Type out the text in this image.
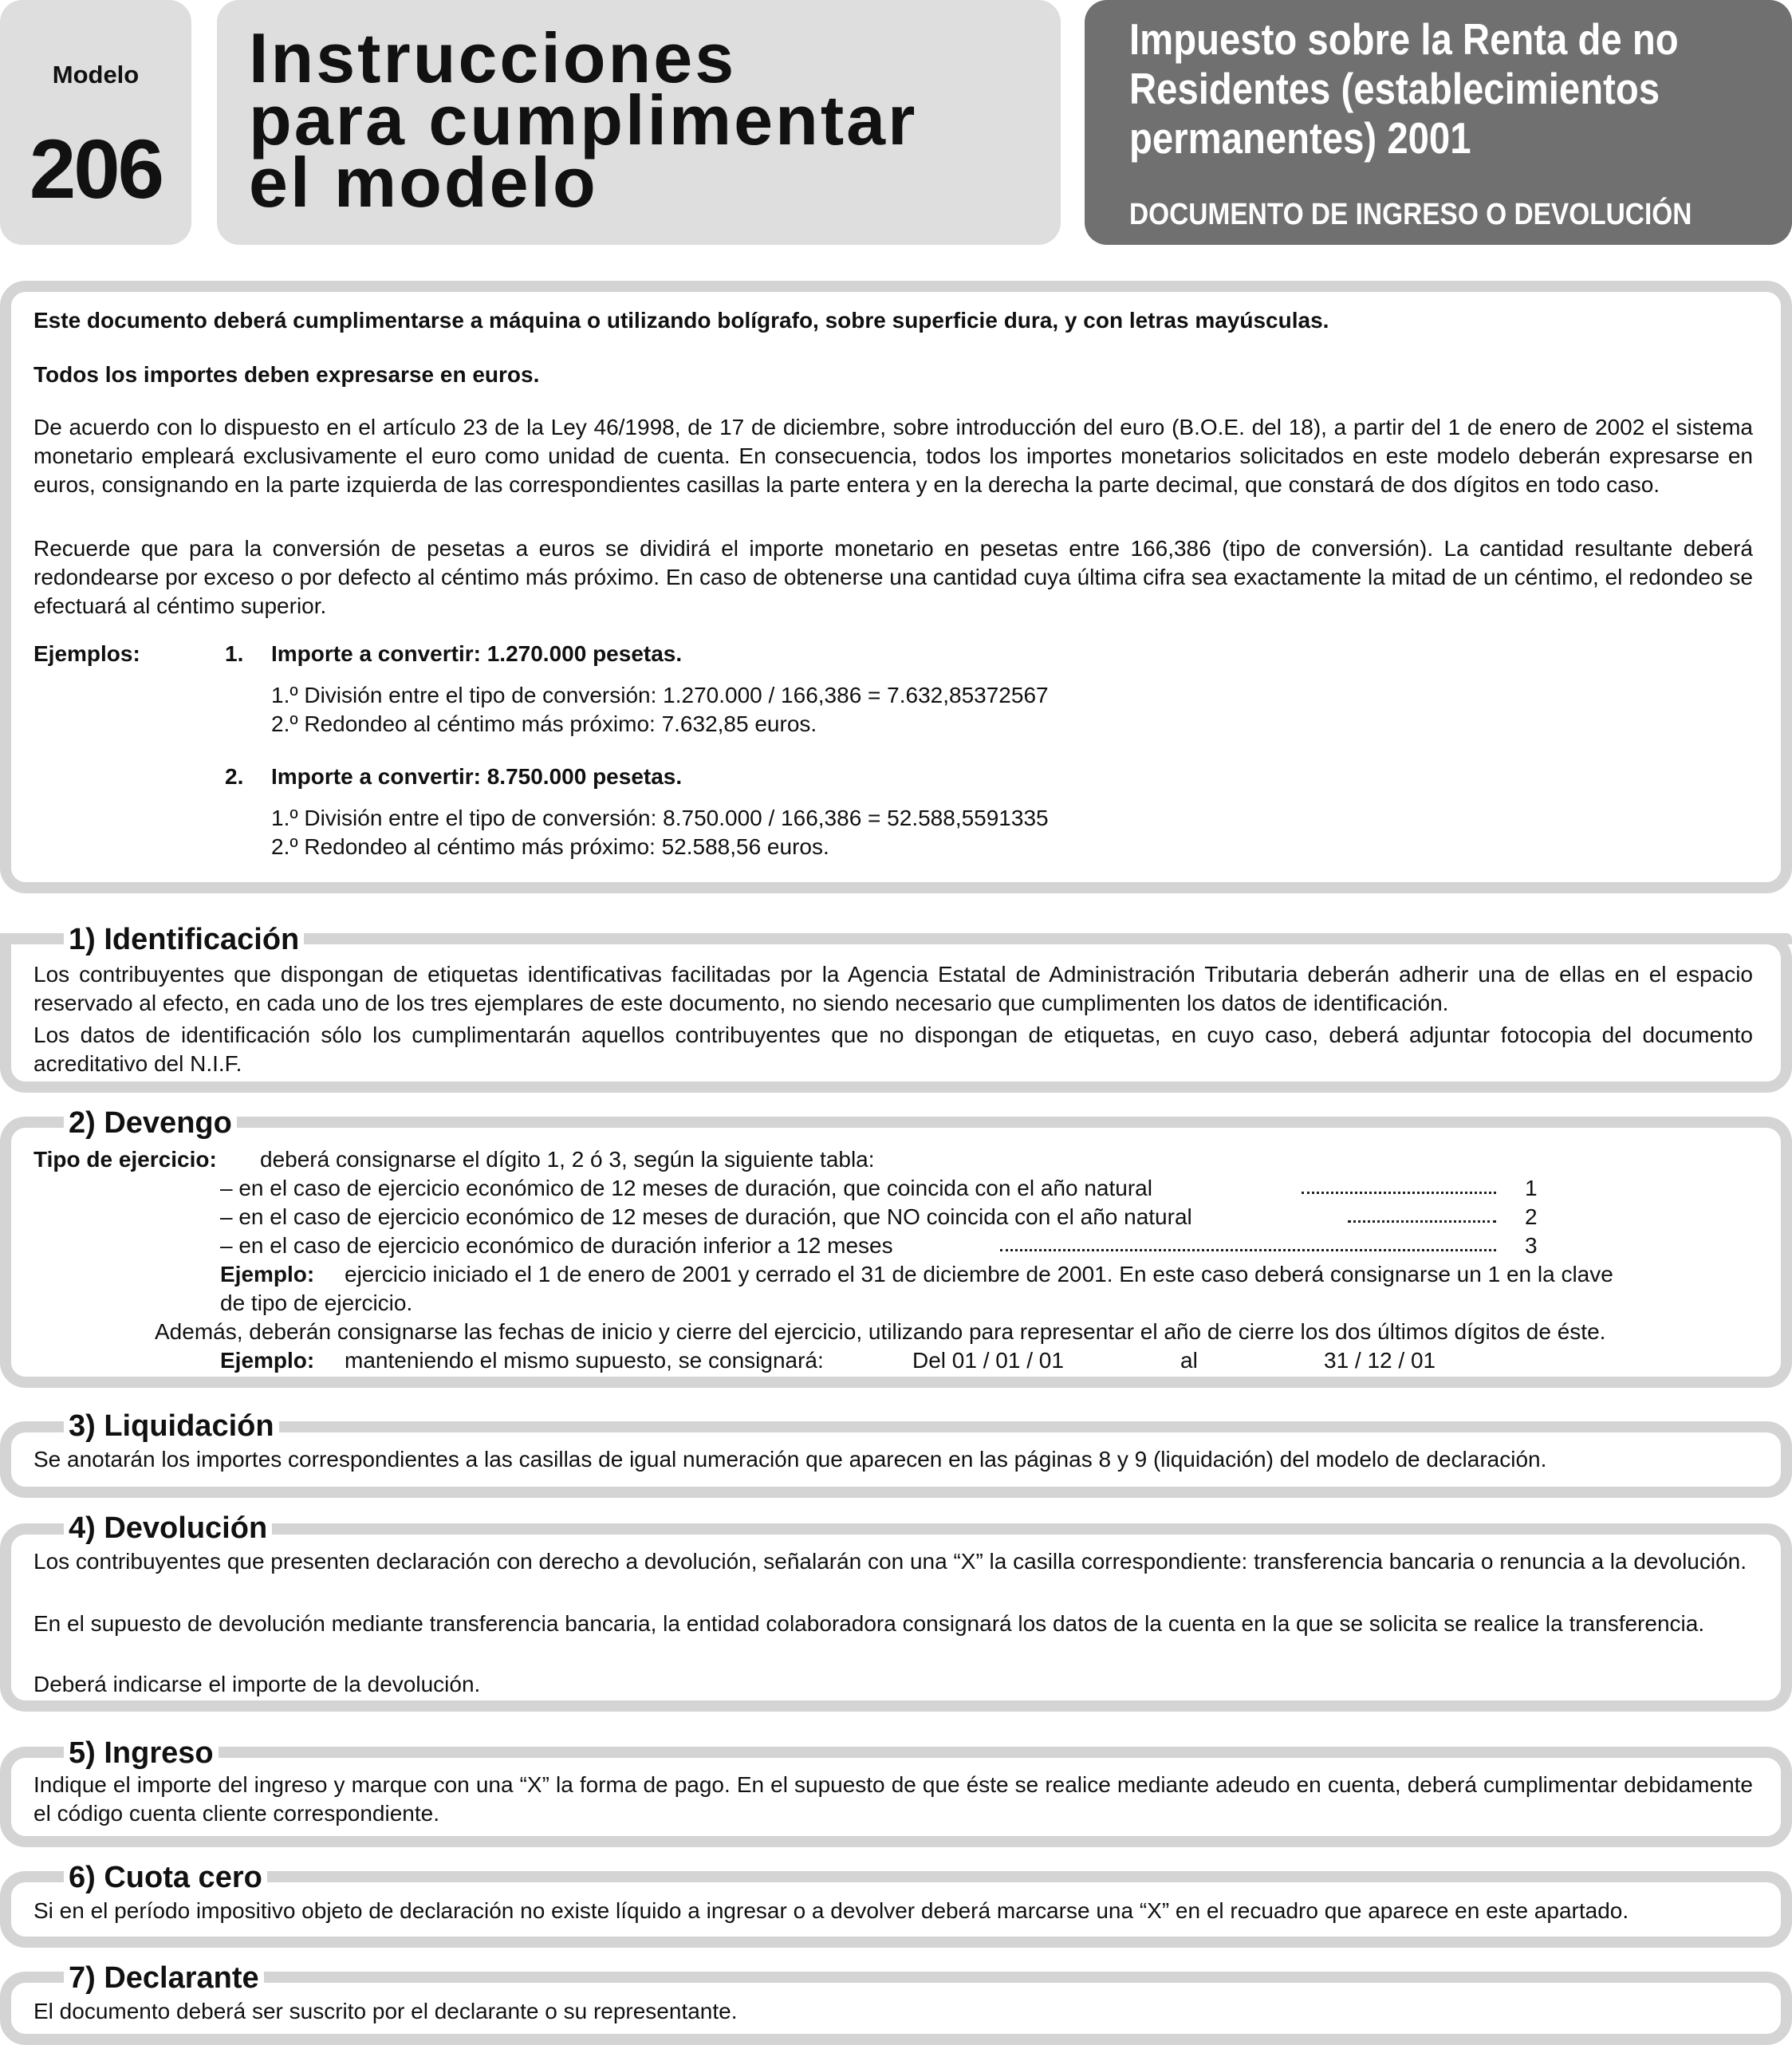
Modelo
206
Instrucciones
para cumplimentar
el modelo
Impuesto sobre la Renta de no
Residentes (establecimientos
permanentes) 2001
DOCUMENTO DE INGRESO O DEVOLUCIÓN
Este documento deberá cumplimentarse a máquina o utilizando bolígrafo, sobre superficie dura, y con letras mayúsculas.
Todos los importes deben expresarse en euros.
De acuerdo con lo dispuesto en el artículo 23 de la Ley 46/1998, de 17 de diciembre, sobre introducción del euro (B.O.E. del 18), a partir del 1 de enero de 2002 el sistema monetario empleará exclusivamente el euro como unidad de cuenta. En consecuencia, todos los importes monetarios solicitados en este modelo deberán expresarse en euros, consignando en la parte izquierda de las correspondientes casillas la parte entera y en la derecha la parte decimal, que constará de dos dígitos en todo caso.
Recuerde que para la conversión de pesetas a euros se dividirá el importe monetario en pesetas entre 166,386 (tipo de conversión). La cantidad resultante deberá redondearse por exceso o por defecto al céntimo más próximo. En caso de obtenerse una cantidad cuya última cifra sea exactamente la mitad de un céntimo, el redondeo se efectuará al céntimo superior.
Ejemplos:	1. Importe a convertir: 1.270.000 pesetas.
1.º División entre el tipo de conversión: 1.270.000 / 166,386 = 7.632,85372567
2.º Redondeo al céntimo más próximo: 7.632,85 euros.
2. Importe a convertir: 8.750.000 pesetas.
1.º División entre el tipo de conversión: 8.750.000 / 166,386 = 52.588,5591335
2.º Redondeo al céntimo más próximo: 52.588,56 euros.
1) Identificación
Los contribuyentes que dispongan de etiquetas identificativas facilitadas por la Agencia Estatal de Administración Tributaria deberán adherir una de ellas en el espacio reservado al efecto, en cada uno de los tres ejemplares de este documento, no siendo necesario que cumplimenten los datos de identificación.
Los datos de identificación sólo los cumplimentarán aquellos contribuyentes que no dispongan de etiquetas, en cuyo caso, deberá adjuntar fotocopia del documento acreditativo del N.I.F.
2) Devengo
Tipo de ejercicio: deberá consignarse el dígito 1, 2 ó 3, según la siguiente tabla:
– en el caso de ejercicio económico de 12 meses de duración, que coincida con el año natural	1
– en el caso de ejercicio económico de 12 meses de duración, que NO coincida con el año natural	2
– en el caso de ejercicio económico de duración inferior a 12 meses	3
Ejemplo: ejercicio iniciado el 1 de enero de 2001 y cerrado el 31 de diciembre de 2001. En este caso deberá consignarse un 1 en la clave
de tipo de ejercicio.
Además, deberán consignarse las fechas de inicio y cierre del ejercicio, utilizando para representar el año de cierre los dos últimos dígitos de éste.
Ejemplo: manteniendo el mismo supuesto, se consignará:	Del 01 / 01 / 01	al	31 / 12 / 01
3) Liquidación
Se anotarán los importes correspondientes a las casillas de igual numeración que aparecen en las páginas 8 y 9 (liquidación) del modelo de declaración.
4) Devolución
Los contribuyentes que presenten declaración con derecho a devolución, señalarán con una “X” la casilla correspondiente: transferencia bancaria o renuncia a la devolución.
En el supuesto de devolución mediante transferencia bancaria, la entidad colaboradora consignará los datos de la cuenta en la que se solicita se realice la transferencia.
Deberá indicarse el importe de la devolución.
5) Ingreso
Indique el importe del ingreso y marque con una “X” la forma de pago. En el supuesto de que éste se realice mediante adeudo en cuenta, deberá cumplimentar debidamente el código cuenta cliente correspondiente.
6) Cuota cero
Si en el período impositivo objeto de declaración no existe líquido a ingresar o a devolver deberá marcarse una “X” en el recuadro que aparece en este apartado.
7) Declarante
El documento deberá ser suscrito por el declarante o su representante.
